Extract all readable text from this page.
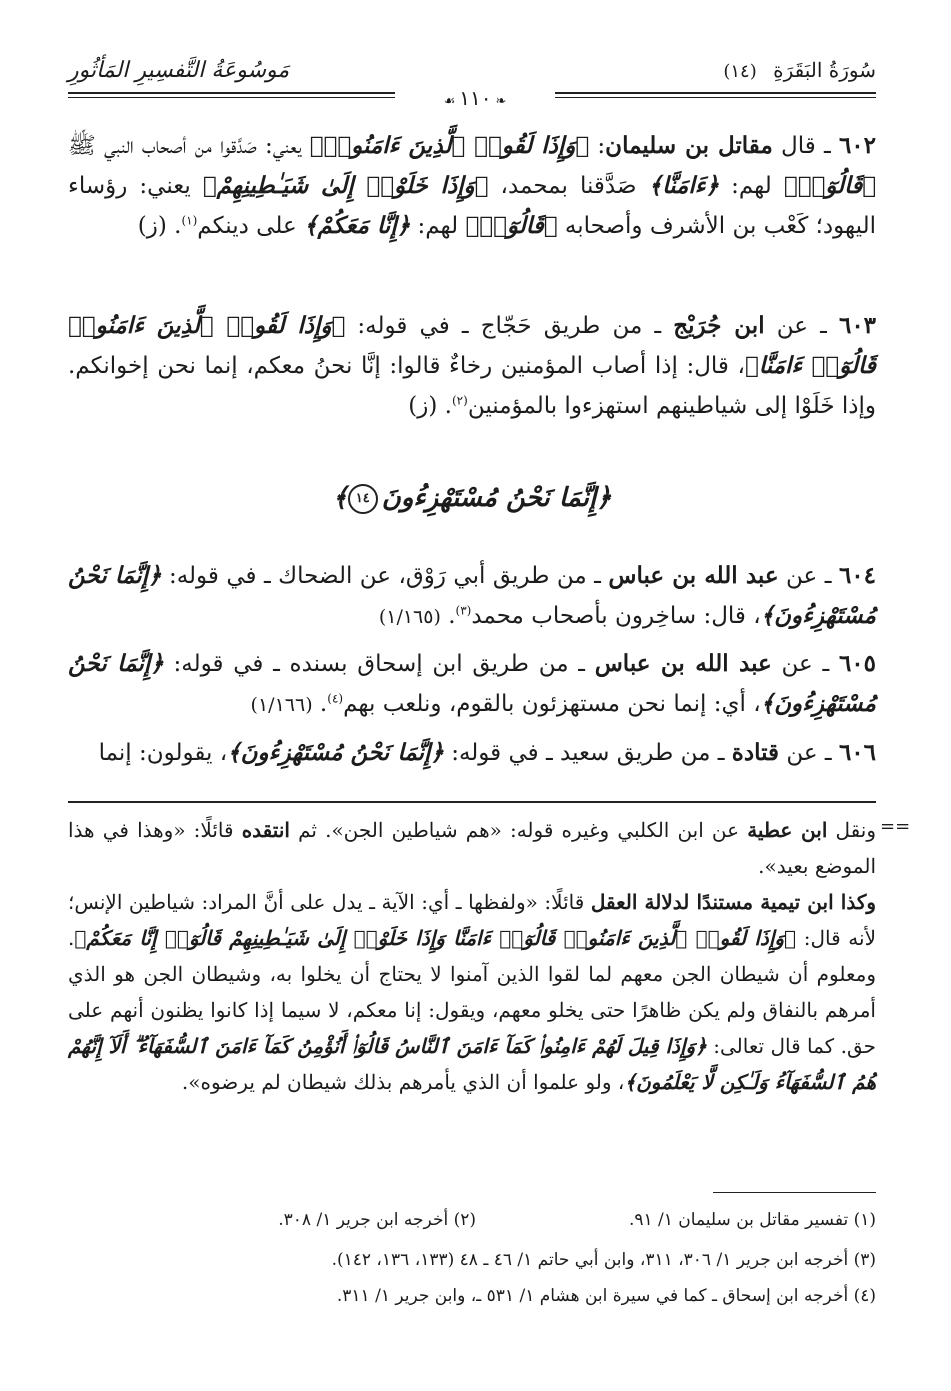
سُورَةُ البَقَرَةِ (١٤)
مَوسُوعَةُ التَّفسِيرِ المَأثُورِ
❧١١٠☙
٦٠٢ ـ قال مقاتل بن سليمان: ﴿وَإِذَا لَقُوا۟ ٱلَّذِينَ ءَامَنُوا۟﴾ يعني: صَدَّقوا من أصحاب النبي ﷺ ﴿قَالُوٓا۟﴾ لهم: ﴿ءَامَنَّا﴾ صَدَّقنا بمحمد، ﴿وَإِذَا خَلَوْا۟ إِلَىٰ شَيَـٰطِينِهِمْ﴾ يعني: رؤساء اليهود؛ كَعْب بن الأشرف وأصحابه ﴿قَالُوٓا۟﴾ لهم: ﴿إِنَّا مَعَكُمْ﴾ على دينكم$^{(١)}$. (ز)
٦٠٣ ـ عن ابن جُرَيْج ـ من طريق حَجّاج ـ في قوله: ﴿وَإِذَا لَقُوا۟ ٱلَّذِينَ ءَامَنُوا۟ قَالُوٓا۟ ءَامَنَّا﴾، قال: إذا أصاب المؤمنين رخاءٌ قالوا: إنَّا نحنُ معكم، إنما نحن إخوانكم. وإذا خَلَوْا إلى شياطينهم استهزءوا بالمؤمنين$^{(٢)}$. (ز)
﴿إِنَّمَا نَحْنُ مُسْتَهْزِءُونَ١٤﴾
٦٠٤ ـ عن عبد الله بن عباس ـ من طريق أبي رَوْق، عن الضحاك ـ في قوله: ﴿إِنَّمَا نَحْنُ مُسْتَهْزِءُونَ﴾، قال: ساخِرون بأصحاب محمد$^{(٣)}$. (١/١٦٥)
٦٠٥ ـ عن عبد الله بن عباس ـ من طريق ابن إسحاق بسنده ـ في قوله: ﴿إِنَّمَا نَحْنُ مُسْتَهْزِءُونَ﴾، أي: إنما نحن مستهزئون بالقوم، ونلعب بهم$^{(٤)}$. (١/١٦٦)
٦٠٦ ـ عن قتادة ـ من طريق سعيد ـ في قوله: ﴿إِنَّمَا نَحْنُ مُسْتَهْزِءُونَ﴾، يقولون: إنما
==
ونقل ابن عطية عن ابن الكلبي وغيره قوله: «هم شياطين الجن». ثم انتقده قائلًا: «وهذا في هذا الموضع بعيد».
وكذا ابن تيمية مستندًا لدلالة العقل قائلًا: «ولفظها ـ أي: الآية ـ يدل على أنَّ المراد: شياطين الإنس؛ لأنه قال: ﴿وَإِذَا لَقُوا۟ ٱلَّذِينَ ءَامَنُوا۟ قَالُوٓا۟ ءَامَنَّا وَإِذَا خَلَوْا۟ إِلَىٰ شَيَـٰطِينِهِمْ قَالُوٓا۟ إِنَّا مَعَكُمْ﴾. ومعلوم أن شيطان الجن معهم لما لقوا الذين آمنوا لا يحتاج أن يخلوا به، وشيطان الجن هو الذي أمرهم بالنفاق ولم يكن ظاهرًا حتى يخلو معهم، ويقول: إنا معكم، لا سيما إذا كانوا يظنون أنهم على حق. كما قال تعالى: ﴿وَإِذَا قِيلَ لَهُمْ ءَامِنُوا۟ كَمَآ ءَامَنَ ٱلنَّاسُ قَالُوٓا۟ أَنُؤْمِنُ كَمَآ ءَامَنَ ٱلسُّفَهَآءُ ۗ أَلَآ إِنَّهُمْ هُمُ ٱلسُّفَهَآءُ وَلَـٰكِن لَّا يَعْلَمُونَ﴾، ولو علموا أن الذي يأمرهم بذلك شيطان لم يرضوه».
(١) تفسير مقاتل بن سليمان ١/ ٩١.
(٢) أخرجه ابن جرير ١/ ٣٠٨.
(٣) أخرجه ابن جرير ١/ ٣٠٦، ٣١١، وابن أبي حاتم ١/ ٤٦ ـ ٤٨ (١٣٣، ١٣٦، ١٤٢).
(٤) أخرجه ابن إسحاق ـ كما في سيرة ابن هشام ١/ ٥٣١ ـ، وابن جرير ١/ ٣١١.
